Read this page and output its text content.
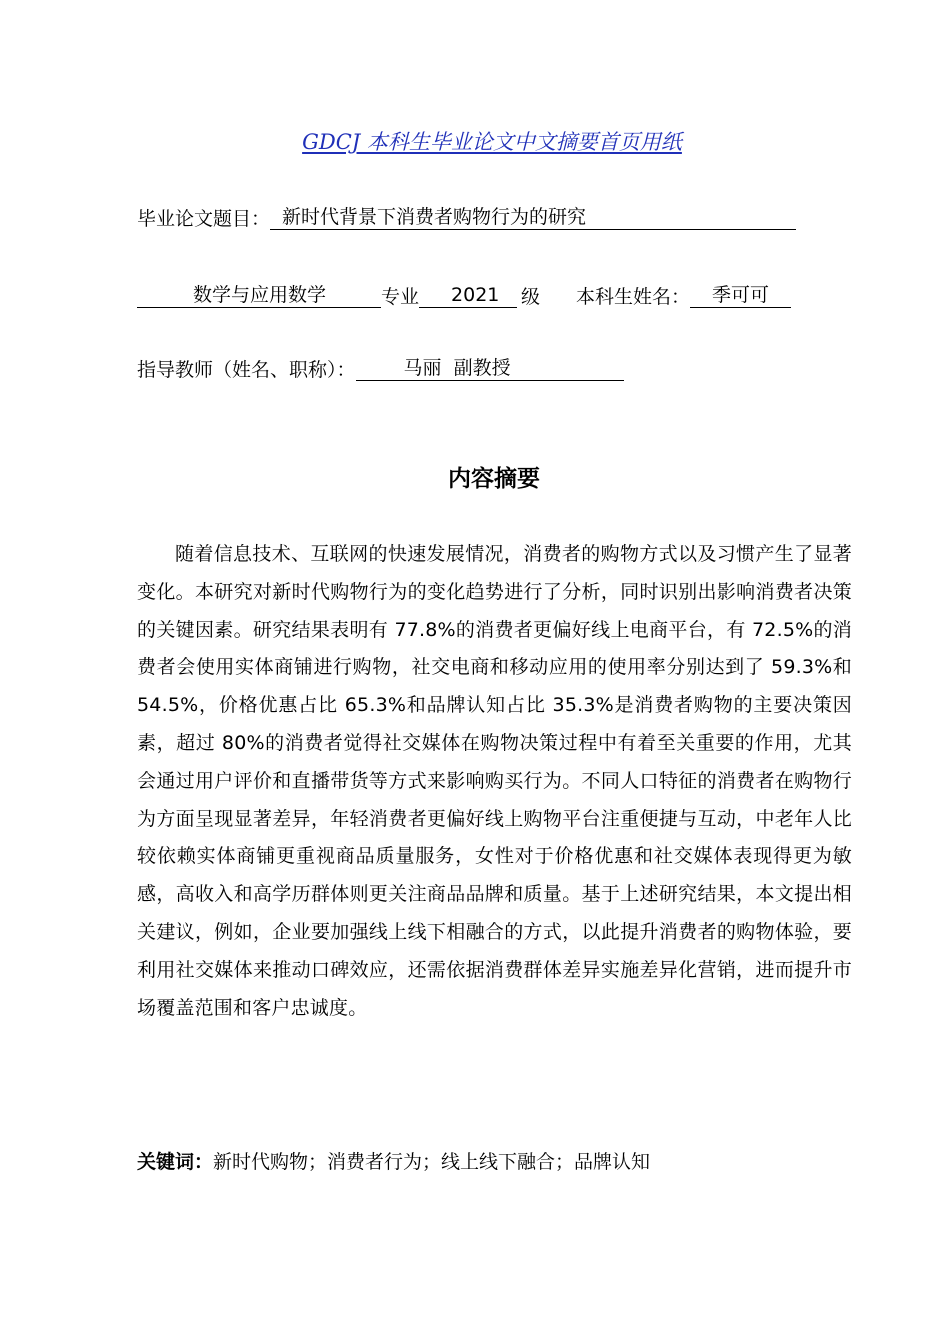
GDCJ 本科生毕业论文中文摘要首页用纸
毕业论文题目： 新时代背景下消费者购物行为的研究
数学与应用数学	专业 2021 级 本科生姓名： 季可可
指导教师（姓名、职称）：	马丽  副教授
内容摘要

随着信息技术、互联网的快速发展情况，消费者的购物方式以及习惯产生了显著变化。本研究对新时代购物行为的变化趋势进行了分析，同时识别出影响消费者决策的关键因素。研究结果表明有 77.8%的消费者更偏好线上电商平台，有 72.5%的消费者会使用实体商铺进行购物，社交电商和移动应用的使用率分别达到了 59.3%和 54.5%，价格优惠占比 65.3%和品牌认知占比 35.3%是消费者购物的主要决策因素，超过 80%的消费者觉得社交媒体在购物决策过程中有着至关重要的作用，尤其会通过用户评价和直播带货等方式来影响购买行为。不同人口特征的消费者在购物行为方面呈现显著差异，年轻消费者更偏好线上购物平台注重便捷与互动，中老年人比较依赖实体商铺更重视商品质量服务，女性对于价格优惠和社交媒体表现得更为敏感，高收入和高学历群体则更关注商品品牌和质量。基于上述研究结果，本文提出相关建议，例如，企业要加强线上线下相融合的方式，以此提升消费者的购物体验，要利用社交媒体来推动口碑效应，还需依据消费群体差异实施差异化营销，进而提升市场覆盖范围和客户忠诚度。

关键词：新时代购物；消费者行为；线上线下融合；品牌认知
